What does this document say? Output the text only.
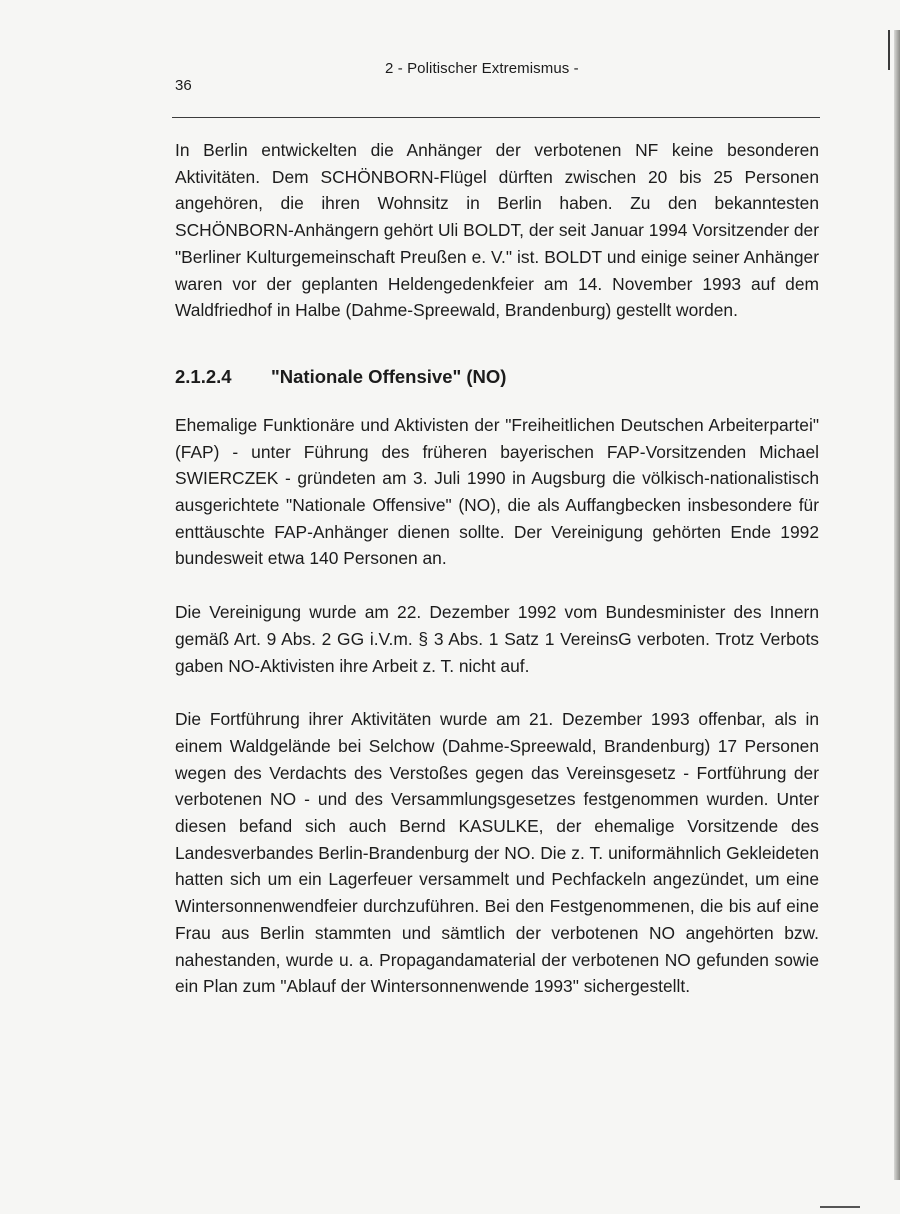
36
2 - Politischer Extremismus -

In Berlin entwickelten die Anhänger der verbotenen NF keine besonderen Aktivitäten. Dem SCHÖNBORN-Flügel dürften zwischen 20 bis 25 Personen angehören, die ihren Wohnsitz in Berlin haben. Zu den bekanntesten SCHÖNBORN-Anhängern gehört Uli BOLDT, der seit Januar 1994 Vorsitzender der "Berliner Kulturgemeinschaft Preußen e. V." ist. BOLDT und einige seiner Anhänger waren vor der geplanten Heldengedenkfeier am 14. November 1993 auf dem Waldfriedhof in Halbe (Dahme-Spreewald, Brandenburg) gestellt worden.

2.1.2.4	"Nationale Offensive" (NO)

Ehemalige Funktionäre und Aktivisten der "Freiheitlichen Deutschen Arbeiterpartei" (FAP) - unter Führung des früheren bayerischen FAP-Vorsitzenden Michael SWIERCZEK - gründeten am 3. Juli 1990 in Augsburg die völkisch-nationalistisch ausgerichtete "Nationale Offensive" (NO), die als Auffangbecken insbesondere für enttäuschte FAP-Anhänger dienen sollte. Der Vereinigung gehörten Ende 1992 bundesweit etwa 140 Personen an.

Die Vereinigung wurde am 22. Dezember 1992 vom Bundesminister des Innern gemäß Art. 9 Abs. 2 GG i.V.m. § 3 Abs. 1 Satz 1 VereinsG verboten. Trotz Verbots gaben NO-Aktivisten ihre Arbeit z. T. nicht auf.

Die Fortführung ihrer Aktivitäten wurde am 21. Dezember 1993 offenbar, als in einem Waldgelände bei Selchow (Dahme-Spreewald, Brandenburg) 17 Personen wegen des Verdachts des Verstoßes gegen das Vereinsgesetz - Fortführung der verbotenen NO - und des Versammlungsgesetzes festgenommen wurden. Unter diesen befand sich auch Bernd KASULKE, der ehemalige Vorsitzende des Landesverbandes Berlin-Brandenburg der NO. Die z. T. uniformähnlich Gekleideten hatten sich um ein Lagerfeuer versammelt und Pechfackeln angezündet, um eine Wintersonnenwendfeier durchzuführen. Bei den Festgenommenen, die bis auf eine Frau aus Berlin stammten und sämtlich der verbotenen NO angehörten bzw. nahestanden, wurde u. a. Propagandamaterial der verbotenen NO gefunden sowie ein Plan zum "Ablauf der Wintersonnenwende 1993" sichergestellt.
